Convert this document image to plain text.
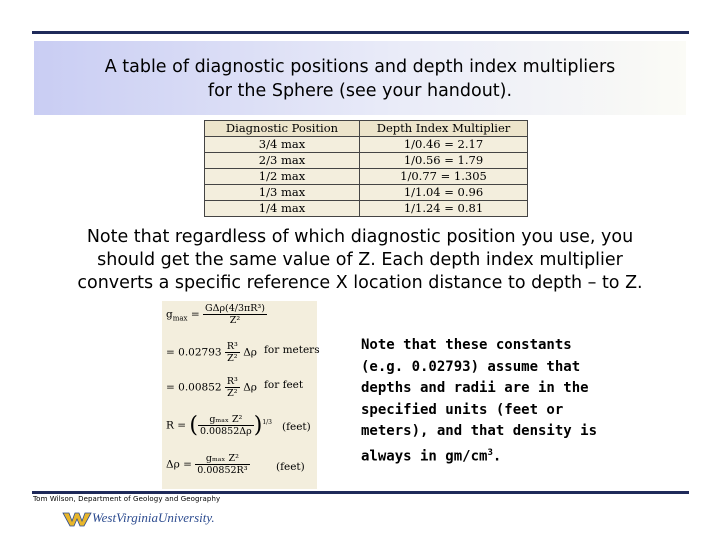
A table of diagnostic positions and depth index multipliers
for the Sphere (see your handout).
Diagnostic Position	Depth Index Multiplier
3/4 max	1/0.46 = 2.17
2/3 max	1/0.56 = 1.79
1/2 max	1/0.77 = 1.305
1/3 max	1/1.04 = 0.96
1/4 max	1/1.24 = 0.81
Note that regardless of which diagnostic position you use, you
should get the same value of Z. Each depth index multiplier
converts a specific reference X location distance to depth – to Z.
$g_{max} = \frac{\text{GΔρ(4/3πR³)}}{\text{Z²}}$
= $0.02793 \frac{\text{R³}}{\text{Z²}}$ Δρ for meters
= $0.00852 \frac{\text{R³}}{\text{Z²}}$ Δρ for feet
R = ( $\frac{\text{gₘₐₓ Z²}}{0.00852\Delta\rho} )^{1/3}$ (feet)
$\Delta\rho = \frac{\text{gₘₐₓ Z²}}{\text{0.00852R³}}$	(feet)
Note that these constants
(e.g. 0.02793) assume that
depths and radii are in the
specified units (feet or
meters), and that density is
always in $gm/cm^3$.
Tom Wilson, Department of Geology and Geography
WestVirginiaUniversity.
